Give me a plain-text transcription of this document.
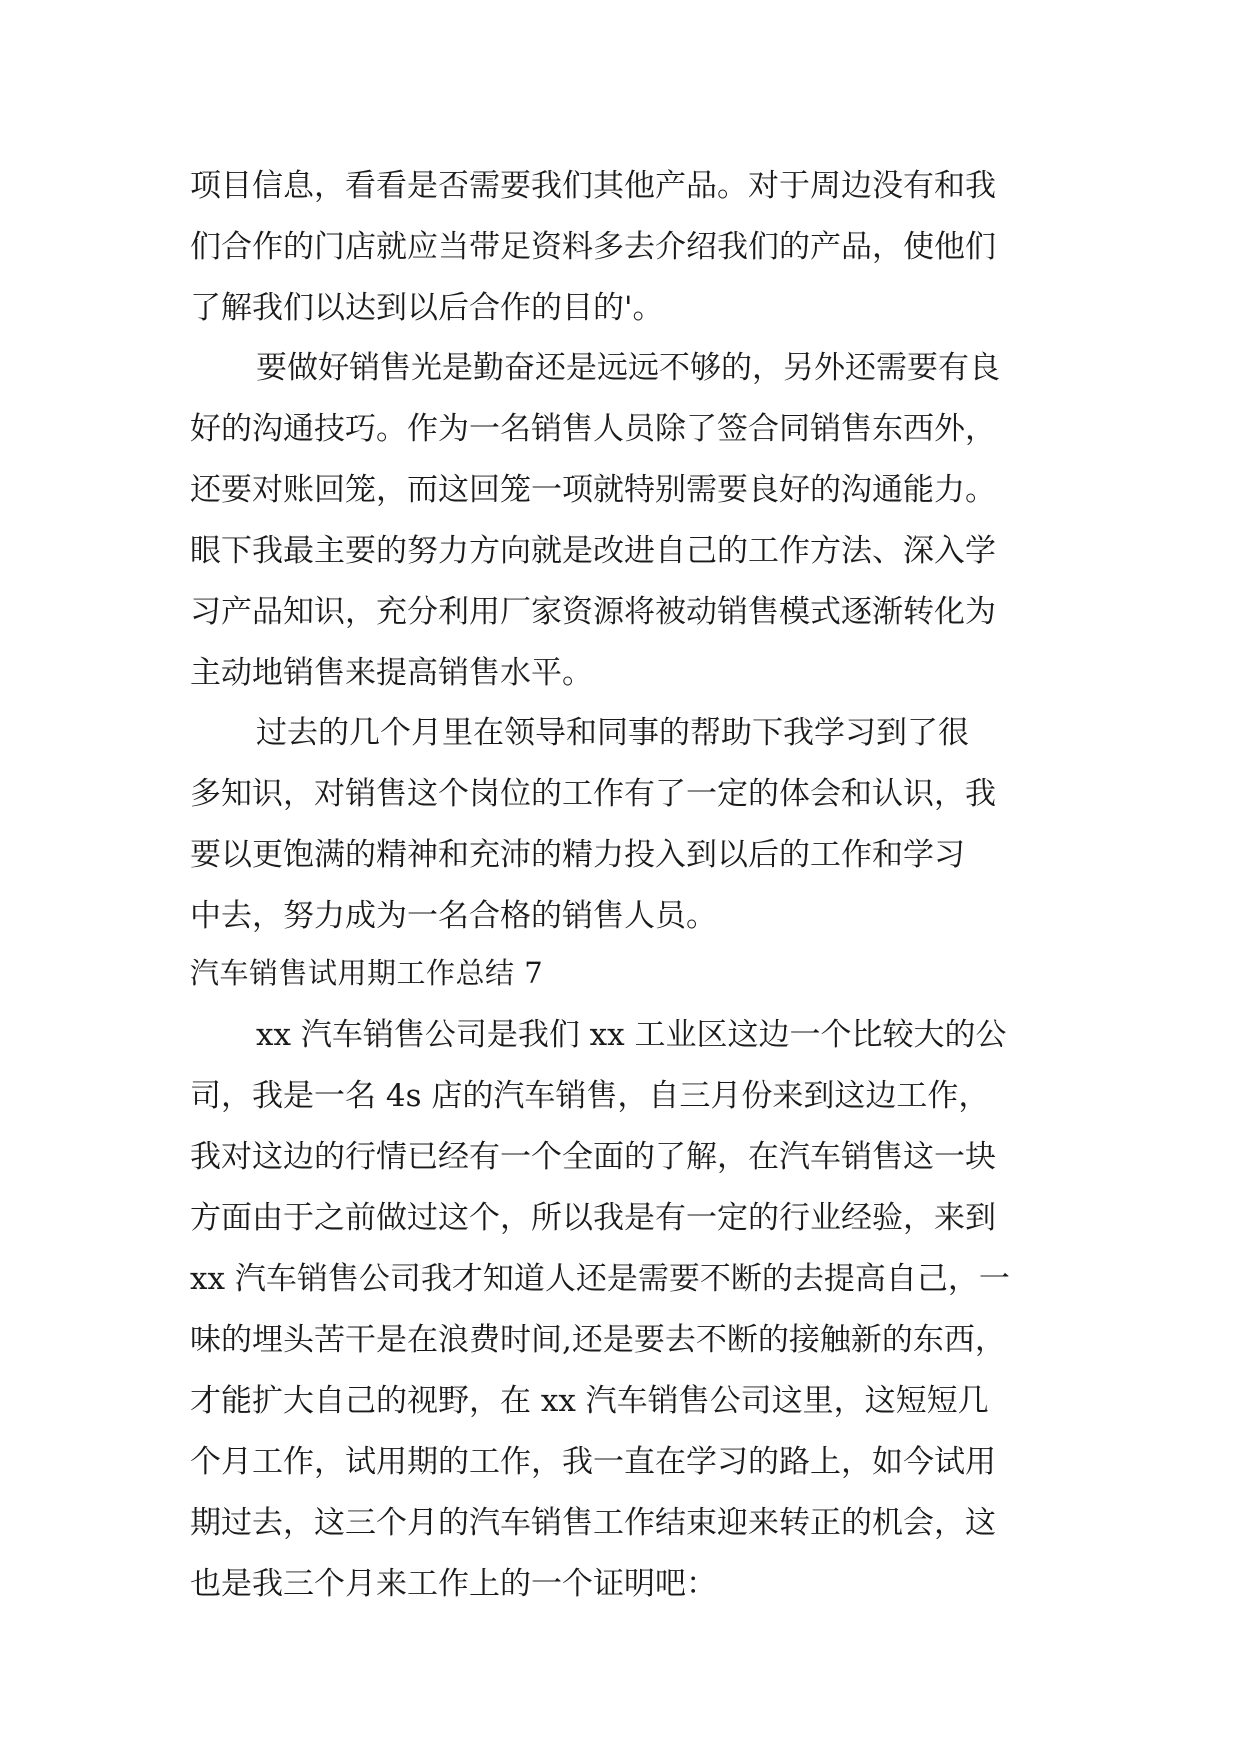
项目信息，看看是否需要我们其他产品。对于周边没有和我
们合作的门店就应当带足资料多去介绍我们的产品，使他们
了解我们以达到以后合作的目的'。
要做好销售光是勤奋还是远远不够的，另外还需要有良
好的沟通技巧。作为一名销售人员除了签合同销售东西外，
还要对账回笼，而这回笼一项就特别需要良好的沟通能力。
眼下我最主要的努力方向就是改进自己的工作方法、深入学
习产品知识，充分利用厂家资源将被动销售模式逐渐转化为
主动地销售来提高销售水平。
过去的几个月里在领导和同事的帮助下我学习到了很
多知识，对销售这个岗位的工作有了一定的体会和认识，我
要以更饱满的精神和充沛的精力投入到以后的工作和学习
中去，努力成为一名合格的销售人员。
汽车销售试用期工作总结 7
xx 汽车销售公司是我们 xx 工业区这边一个比较大的公
司，我是一名 4s 店的汽车销售，自三月份来到这边工作，
我对这边的行情已经有一个全面的了解，在汽车销售这一块
方面由于之前做过这个，所以我是有一定的行业经验，来到
xx 汽车销售公司我才知道人还是需要不断的去提高自己，一
味的埋头苦干是在浪费时间,还是要去不断的接触新的东西，
才能扩大自己的视野，在 xx 汽车销售公司这里，这短短几
个月工作，试用期的工作，我一直在学习的路上，如今试用
期过去，这三个月的汽车销售工作结束迎来转正的机会，这
也是我三个月来工作上的一个证明吧：
